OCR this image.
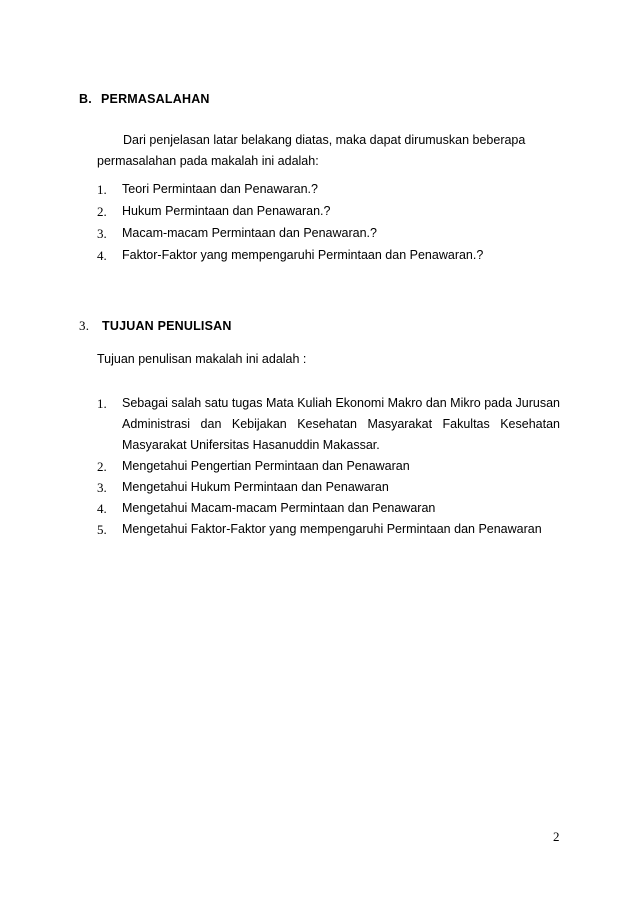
B. PERMASALAHAN
Dari penjelasan latar belakang diatas, maka dapat dirumuskan beberapa
permasalahan pada makalah ini adalah:
1. Teori Permintaan dan Penawaran.?
2. Hukum Permintaan dan Penawaran.?
3. Macam-macam Permintaan dan Penawaran.?
4. Faktor-Faktor yang mempengaruhi Permintaan dan Penawaran.?
3. TUJUAN PENULISAN
Tujuan penulisan makalah ini adalah :
1. Sebagai salah satu tugas Mata Kuliah Ekonomi Makro dan Mikro pada Jurusan Administrasi dan Kebijakan Kesehatan Masyarakat Fakultas Kesehatan Masyarakat Unifersitas Hasanuddin Makassar.
2. Mengetahui Pengertian Permintaan dan Penawaran
3. Mengetahui Hukum Permintaan dan Penawaran
4. Mengetahui Macam-macam Permintaan dan Penawaran
5. Mengetahui Faktor-Faktor yang mempengaruhi Permintaan dan Penawaran
2
